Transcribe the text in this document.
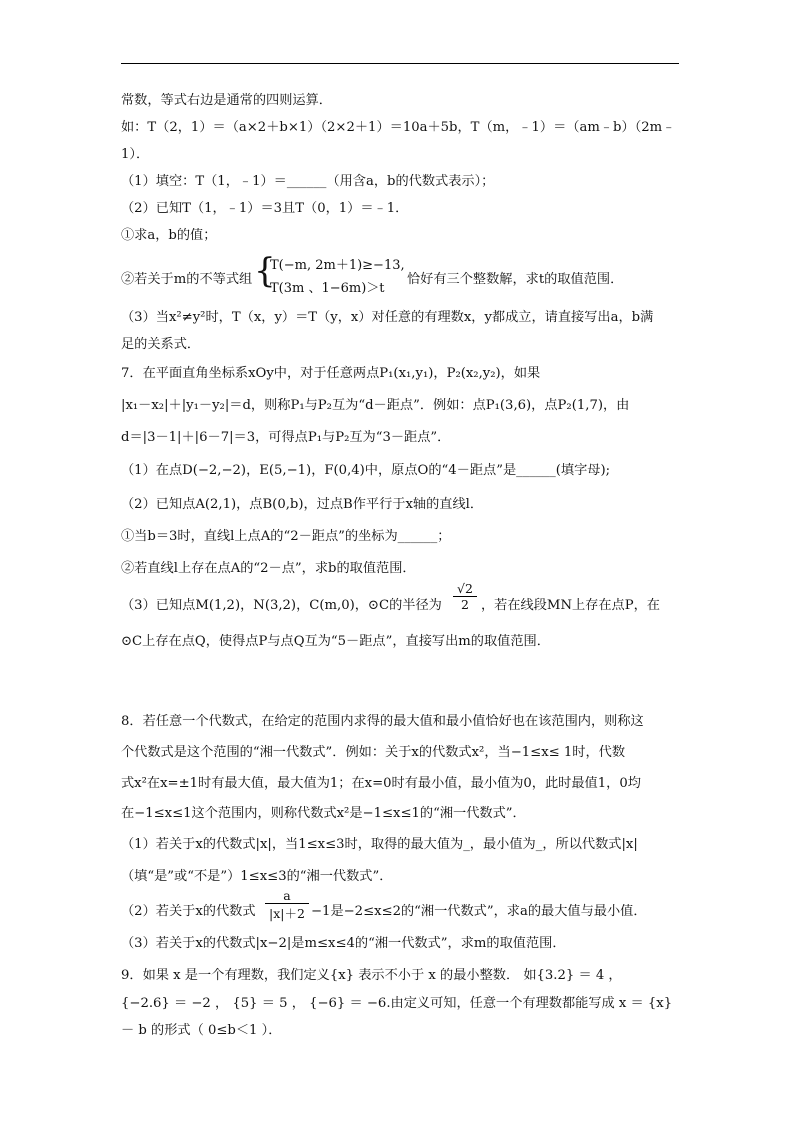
常数，等式右边是通常的四则运算．
如：T（2，1）＝（a×2＋b×1）（2×2＋1）＝10a＋5b，T（m，﹣1）＝（am﹣b）（2m﹣
1）．
（1）填空：T（1，﹣1）＝______（用含a，b的代数式表示）；
（2）已知T（1，﹣1）＝3且T（0，1）＝﹣1．
①求a，b的值；
②若关于m的不等式组 {
T(−m, 2m＋1)≥−13,
T(3m 、1−6m)＞t
恰好有三个整数解，求t的取值范围．
（3）当x²≠y²时，T（x，y）＝T（y，x）对任意的有理数x，y都成立，请直接写出a，b满
足的关系式．
7．在平面直角坐标系xOy中，对于任意两点P₁(x₁,y₁)，P₂(x₂,y₂)，如果
|x₁－x₂|＋|y₁－y₂|＝d，则称P₁与P₂互为“d－距点”．例如：点P₁(3,6)，点P₂(1,7)，由
d＝|3－1|＋|6－7|＝3，可得点P₁与P₂互为“3－距点”．
（1）在点D(−2,−2)，E(5,−1)，F(0,4)中，原点O的“4－距点”是______(填字母);
（2）已知点A(2,1)，点B(0,b)，过点B作平行于x轴的直线l．
①当b＝3时，直线l上点A的“2－距点”的坐标为______；
②若直线l上存在点A的“2－点”，求b的取值范围．
（3）已知点M(1,2)，N(3,2)，C(m,0)，⊙C的半径为 $\frac{√2}{2}$ ，若在线段MN上存在点P，在
⊙C上存在点Q，使得点P与点Q互为“5－距点”，直接写出m的取值范围．
8．若任意一个代数式，在给定的范围内求得的最大值和最小值恰好也在该范围内，则称这
个代数式是这个范围的“湘一代数式”．例如：关于x的代数式x²，当−1≤x≤ 1时，代数
式x²在x=±1时有最大值，最大值为1；在x=0时有最小值，最小值为0，此时最值1，0均
在−1≤x≤1这个范围内，则称代数式x²是−1≤x≤1的“湘一代数式”．
（1）若关于x的代数式|x|，当1≤x≤3时，取得的最大值为_，最小值为_，所以代数式|x|
（填“是”或“不是”）1≤x≤3的“湘一代数式”．
（2）若关于x的代数式 $\frac{a}{|x|+2} -1$是−2≤x≤2的“湘一代数式”，求a的最大值与最小值．
（3）若关于x的代数式|x−2|是m≤x≤4的“湘一代数式”，求m的取值范围．
9．如果 x 是一个有理数，我们定义{x} 表示不小于 x 的最小整数． 如{3.2} ＝ 4 ，
{−2.6} ＝ −2 ， {5} ＝ 5 ， {−6} ＝ −6.由定义可知，任意一个有理数都能写成 x ＝ {x}
－ b 的形式（ 0≤b＜1 ）．
